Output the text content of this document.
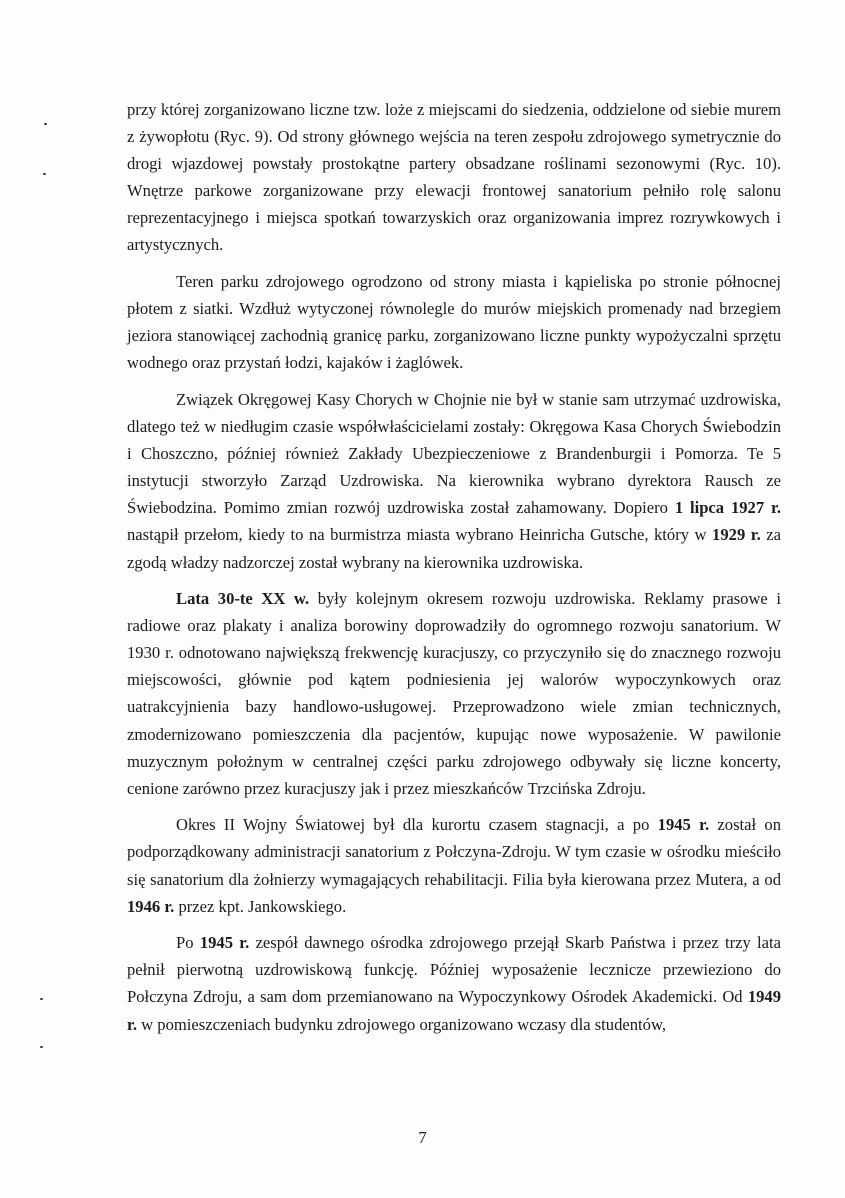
przy której zorganizowano liczne tzw. loże z miejscami do siedzenia, oddzielone od siebie murem z żywopłotu (Ryc. 9). Od strony głównego wejścia na teren zespołu zdrojowego symetrycznie do drogi wjazdowej powstały prostokątne partery obsadzane roślinami sezonowymi (Ryc. 10). Wnętrze parkowe zorganizowane przy elewacji frontowej sanatorium pełniło rolę salonu reprezentacyjnego i miejsca spotkań towarzyskich oraz organizowania imprez rozrywkowych i artystycznych.

Teren parku zdrojowego ogrodzono od strony miasta i kąpieliska po stronie północnej płotem z siatki. Wzdłuż wytyczonej równolegle do murów miejskich promenady nad brzegiem jeziora stanowiącej zachodnią granicę parku, zorganizowano liczne punkty wypożyczalni sprzętu wodnego oraz przystań łodzi, kajaków i żaglówek.

Związek Okręgowej Kasy Chorych w Chojnie nie był w stanie sam utrzymać uzdrowiska, dlatego też w niedługim czasie współwłaścicielami zostały: Okręgowa Kasa Chorych Świebodzin i Choszczno, później również Zakłady Ubezpieczeniowe z Brandenburgii i Pomorza. Te 5 instytucji stworzyło Zarząd Uzdrowiska. Na kierownika wybrano dyrektora Rausch ze Świebodzina. Pomimo zmian rozwój uzdrowiska został zahamowany. Dopiero 1 lipca 1927 r. nastąpił przełom, kiedy to na burmistrza miasta wybrano Heinricha Gutsche, który w 1929 r. za zgodą władzy nadzorczej został wybrany na kierownika uzdrowiska.

Lata 30-te XX w. były kolejnym okresem rozwoju uzdrowiska. Reklamy prasowe i radiowe oraz plakaty i analiza borowiny doprowadziły do ogromnego rozwoju sanatorium. W 1930 r. odnotowano największą frekwencję kuracjuszy, co przyczyniło się do znacznego rozwoju miejscowości, głównie pod kątem podniesienia jej walorów wypoczynkowych oraz uatrakcyjnienia bazy handlowo-usługowej. Przeprowadzono wiele zmian technicznych, zmodernizowano pomieszczenia dla pacjentów, kupując nowe wyposażenie. W pawilonie muzycznym położnym w centralnej części parku zdrojowego odbywały się liczne koncerty, cenione zarówno przez kuracjuszy jak i przez mieszkańców Trzcińska Zdroju.

Okres II Wojny Światowej był dla kurortu czasem stagnacji, a po 1945 r. został on podporządkowany administracji sanatorium z Połczyna-Zdroju. W tym czasie w ośrodku mieściło się sanatorium dla żołnierzy wymagających rehabilitacji. Filia była kierowana przez Mutera, a od 1946 r. przez kpt. Jankowskiego.

Po 1945 r. zespół dawnego ośrodka zdrojowego przejął Skarb Państwa i przez trzy lata pełnił pierwotną uzdrowiskową funkcję. Później wyposażenie lecznicze przewieziono do Połczyna Zdroju, a sam dom przemianowano na Wypoczynkowy Ośrodek Akademicki. Od 1949 r. w pomieszczeniach budynku zdrojowego organizowano wczasy dla studentów,

7
